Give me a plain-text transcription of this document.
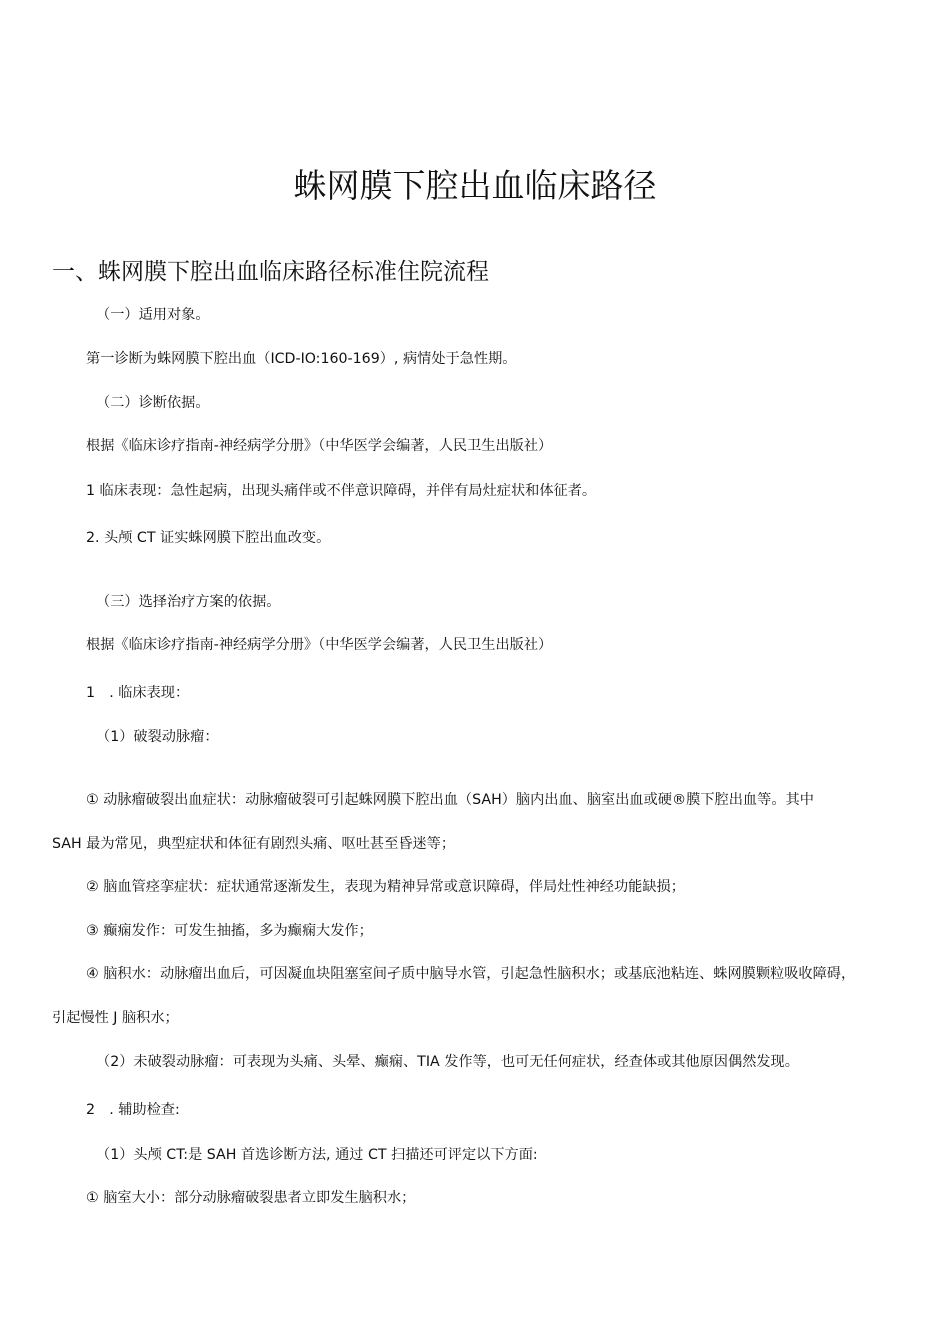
蛛网膜下腔出血临床路径
一、蛛网膜下腔出血临床路径标准住院流程

（一）适用对象。

第一诊断为蛛网膜下腔出血（ICD-IO:160-169）, 病情处于急性期。

（二）诊断依据。

根据《临床诊疗指南-神经病学分册》（中华医学会编著，人民卫生出版社）

1 临床表现：急性起病，出现头痛伴或不伴意识障碍，并伴有局灶症状和体征者。

2. 头颅 CT 证实蛛网膜下腔出血改变。

（三）选择治疗方案的依据。

根据《临床诊疗指南-神经病学分册》（中华医学会编著，人民卫生出版社）

1　. 临床表现：

（1）破裂动脉瘤：

① 动脉瘤破裂出血症状：动脉瘤破裂可引起蛛网膜下腔出血（SAH）脑内出血、脑室出血或硬®膜下腔出血等。其中

SAH 最为常见，典型症状和体征有剧烈头痛、呕吐甚至昏迷等；

② 脑血管痉挛症状：症状通常逐渐发生，表现为精神异常或意识障碍，伴局灶性神经功能缺损；

③ 癫痫发作：可发生抽搐，多为癫痫大发作；

④ 脑积水：动脉瘤出血后，可因凝血块阻塞室间孑质中脑导水管，引起急性脑积水；或基底池粘连、蛛网膜颗粒吸收障碍，

引起慢性 J 脑积水；

（2）未破裂动脉瘤：可表现为头痛、头晕、癫痫、TIA 发作等，也可无任何症状，经查体或其他原因偶然发现。

2　. 辅助检查:

（1）头颅 CT:是 SAH 首选诊断方法, 通过 CT 扫描还可评定以下方面:

① 脑室大小：部分动脉瘤破裂患者立即发生脑积水；
